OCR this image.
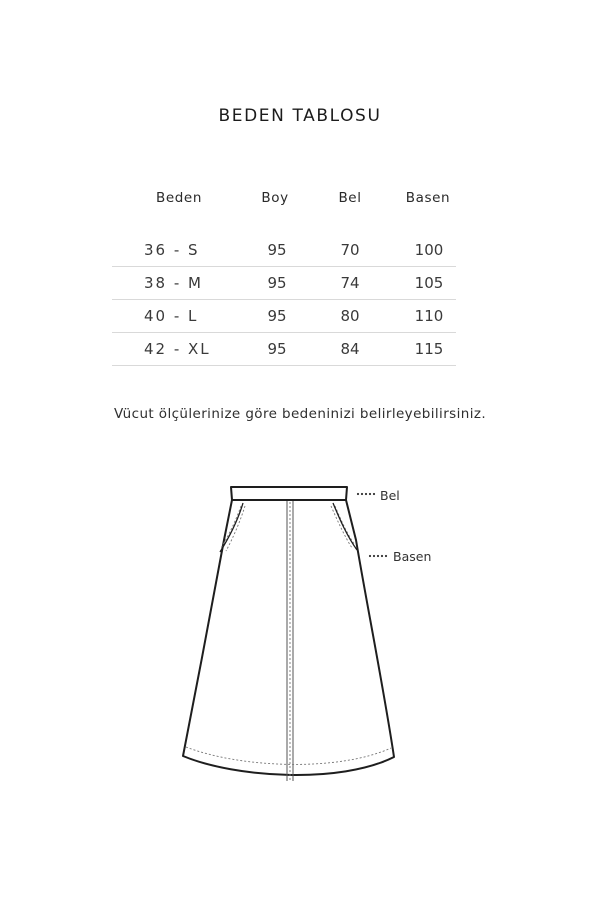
BEDEN TABLOSU
Beden	Boy	Bel	Basen
36 - S	95	70	100
38 - M	95	74	105
40 - L	95	80	110
42 - XL	95	84	115
Vücut ölçülerinize göre bedeninizi belirleyebilirsiniz.
Bel
Basen
